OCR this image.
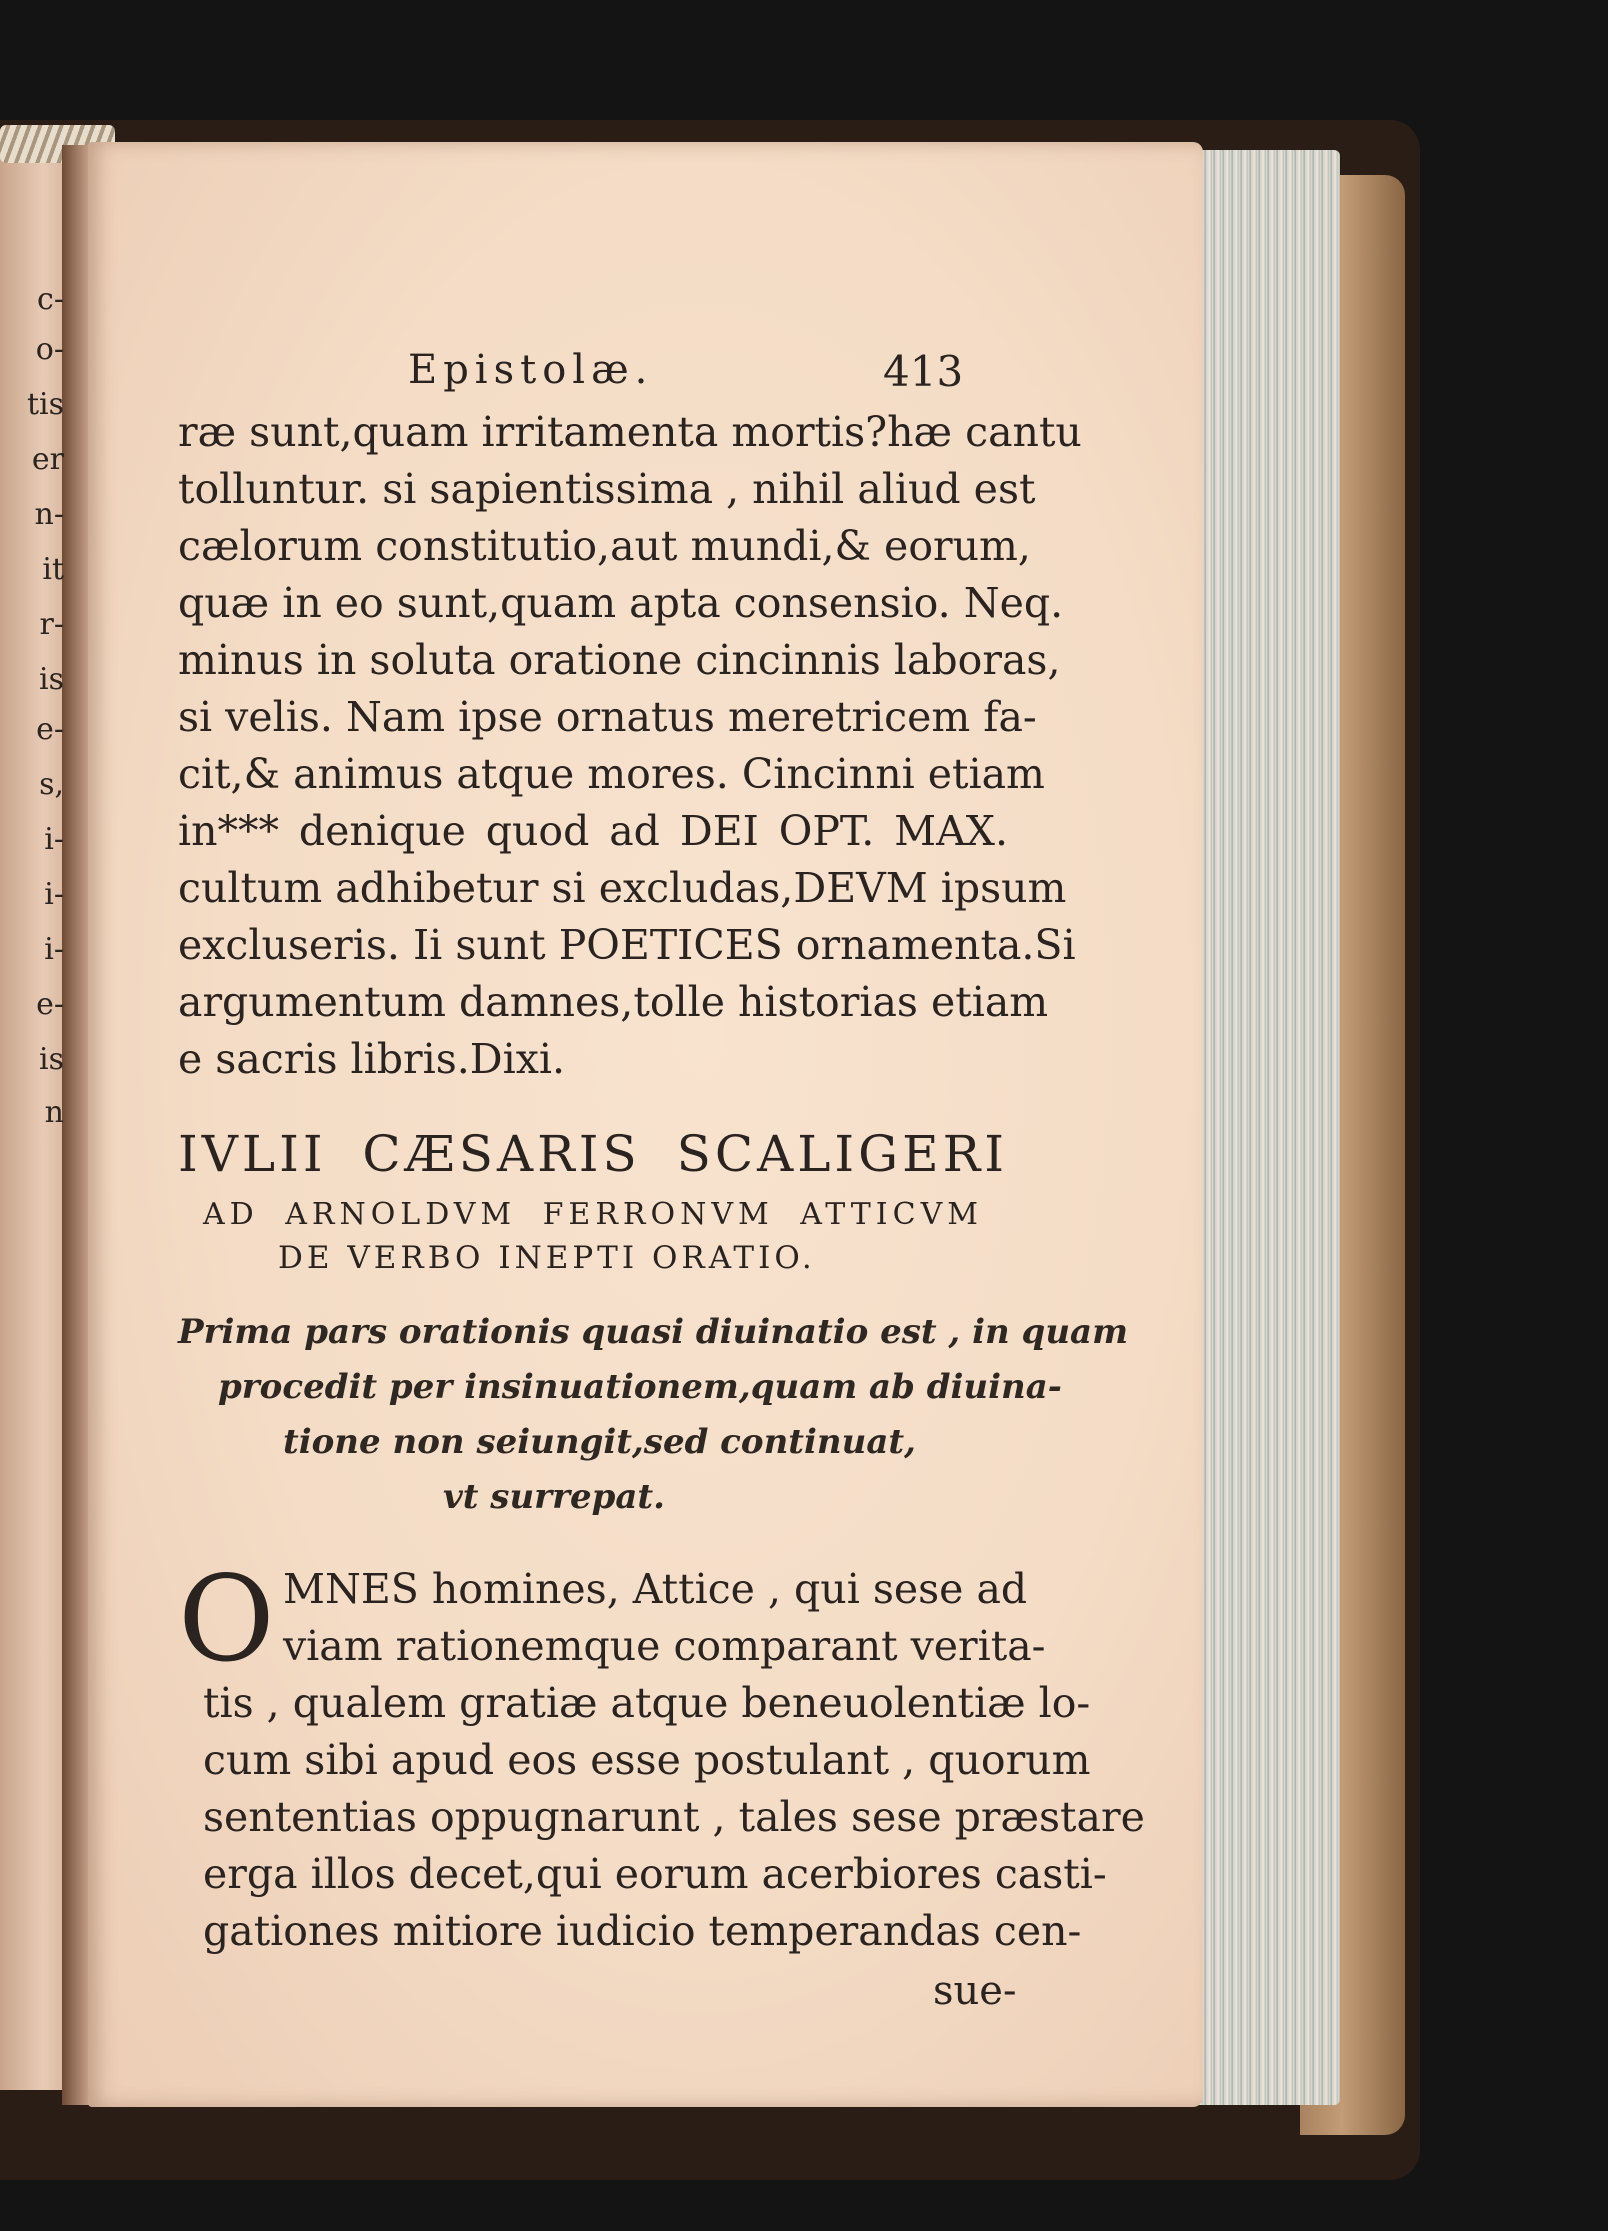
c-
o-
tis
er
n-
it
r-
is
e-
s,
i-
i-
i-
e-
is
n
Epistolæ.	413
ræ sunt,quam irritamenta mortis?hæ cantu
tolluntur. si sapientissima , nihil aliud est
cælorum constitutio,aut mundi,& eorum,
quæ in eo sunt,quam apta consensio. Neq.
minus in soluta oratione cincinnis laboras,
si velis. Nam ipse ornatus meretricem fa-
cit,& animus atque mores. Cincinni etiam
in*** denique quod ad DEI OPT. MAX.
cultum adhibetur si excludas,DEVM ipsum
excluseris. Ii sunt POETICES ornamenta.Si
argumentum damnes,tolle historias etiam
e sacris libris.Dixi.
IVLII CÆSARIS SCALIGERI
AD ARNOLDVM FERRONVM ATTICVM
DE VERBO INEPTI ORATIO.
Prima pars orationis quasi diuinatio est , in quam
procedit per insinuationem,quam ab diuina-
tione non seiungit,sed continuat,
vt surrepat.
O MNES homines, Attice , qui sese ad
viam rationemque comparant verita-
tis , qualem gratiæ atque beneuolentiæ lo-
cum sibi apud eos esse postulant , quorum
sententias oppugnarunt , tales sese præstare
erga illos decet,qui eorum acerbiores casti-
gationes mitiore iudicio temperandas cen-
sue-
